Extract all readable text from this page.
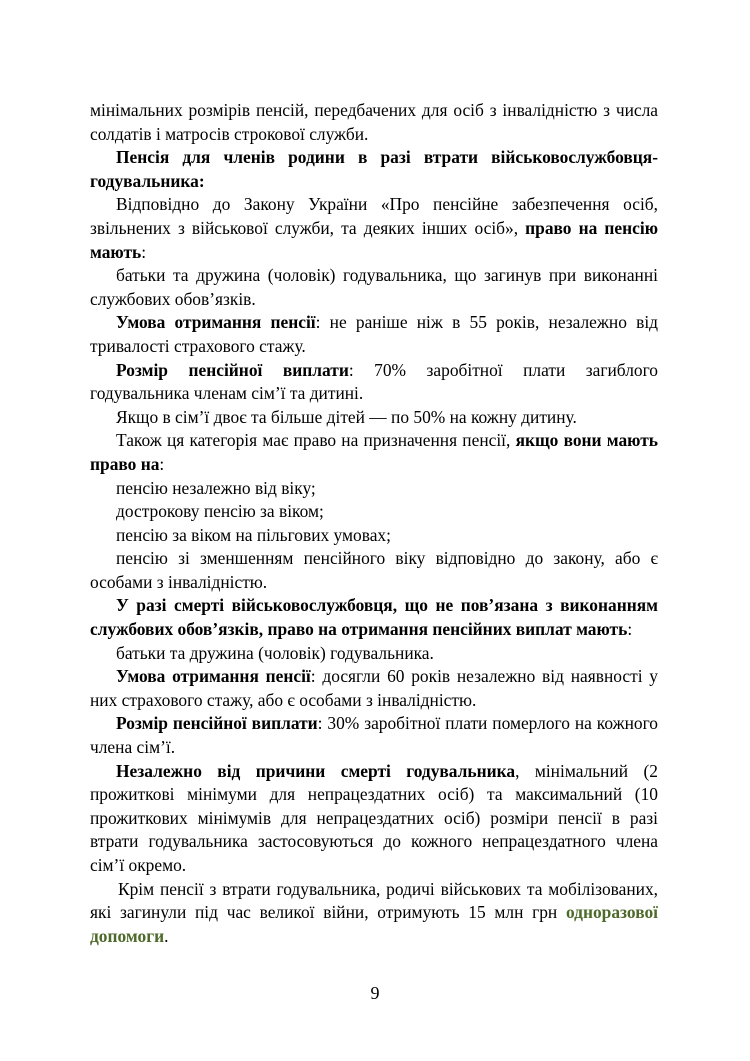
мінімальних розмірів пенсій, передбачених для осіб з інвалідністю з числа солдатів і матросів строкової служби.

Пенсія для членів родини в разі втрати військовослужбовця-годувальника:

Відповідно до Закону України «Про пенсійне забезпечення осіб, звільнених з військової служби, та деяких інших осіб», право на пенсію мають:

батьки та дружина (чоловік) годувальника, що загинув при виконанні службових обов’язків.

Умова отримання пенсії: не раніше ніж в 55 років, незалежно від тривалості страхового стажу.

Розмір пенсійної виплати: 70% заробітної плати загиблого годувальника членам сім’ї та дитині.

Якщо в сім’ї двоє та більше дітей — по 50% на кожну дитину.

Також ця категорія має право на призначення пенсії, якщо вони мають право на:

пенсію незалежно від віку;

дострокову пенсію за віком;

пенсію за віком на пільгових умовах;

пенсію зі зменшенням пенсійного віку відповідно до закону, або є особами з інвалідністю.

У разі смерті військовослужбовця, що не пов’язана з виконанням службових обов’язків, право на отримання пенсійних виплат мають:

батьки та дружина (чоловік) годувальника.

Умова отримання пенсії: досягли 60 років незалежно від наявності у них страхового стажу, або є особами з інвалідністю.

Розмір пенсійної виплати: 30% заробітної плати померлого на кожного члена сім’ї.

Незалежно від причини смерті годувальника, мінімальний (2 прожиткові мінімуми для непрацездатних осіб) та максимальний (10 прожиткових мінімумів для непрацездатних осіб) розміри пенсії в разі втрати годувальника застосовуються до кожного непрацездатного члена сім’ї окремо.

Крім пенсії з втрати годувальника, родичі військових та мобілізованих, які загинули під час великої війни, отримують 15 млн грн одноразової допомоги.

9
